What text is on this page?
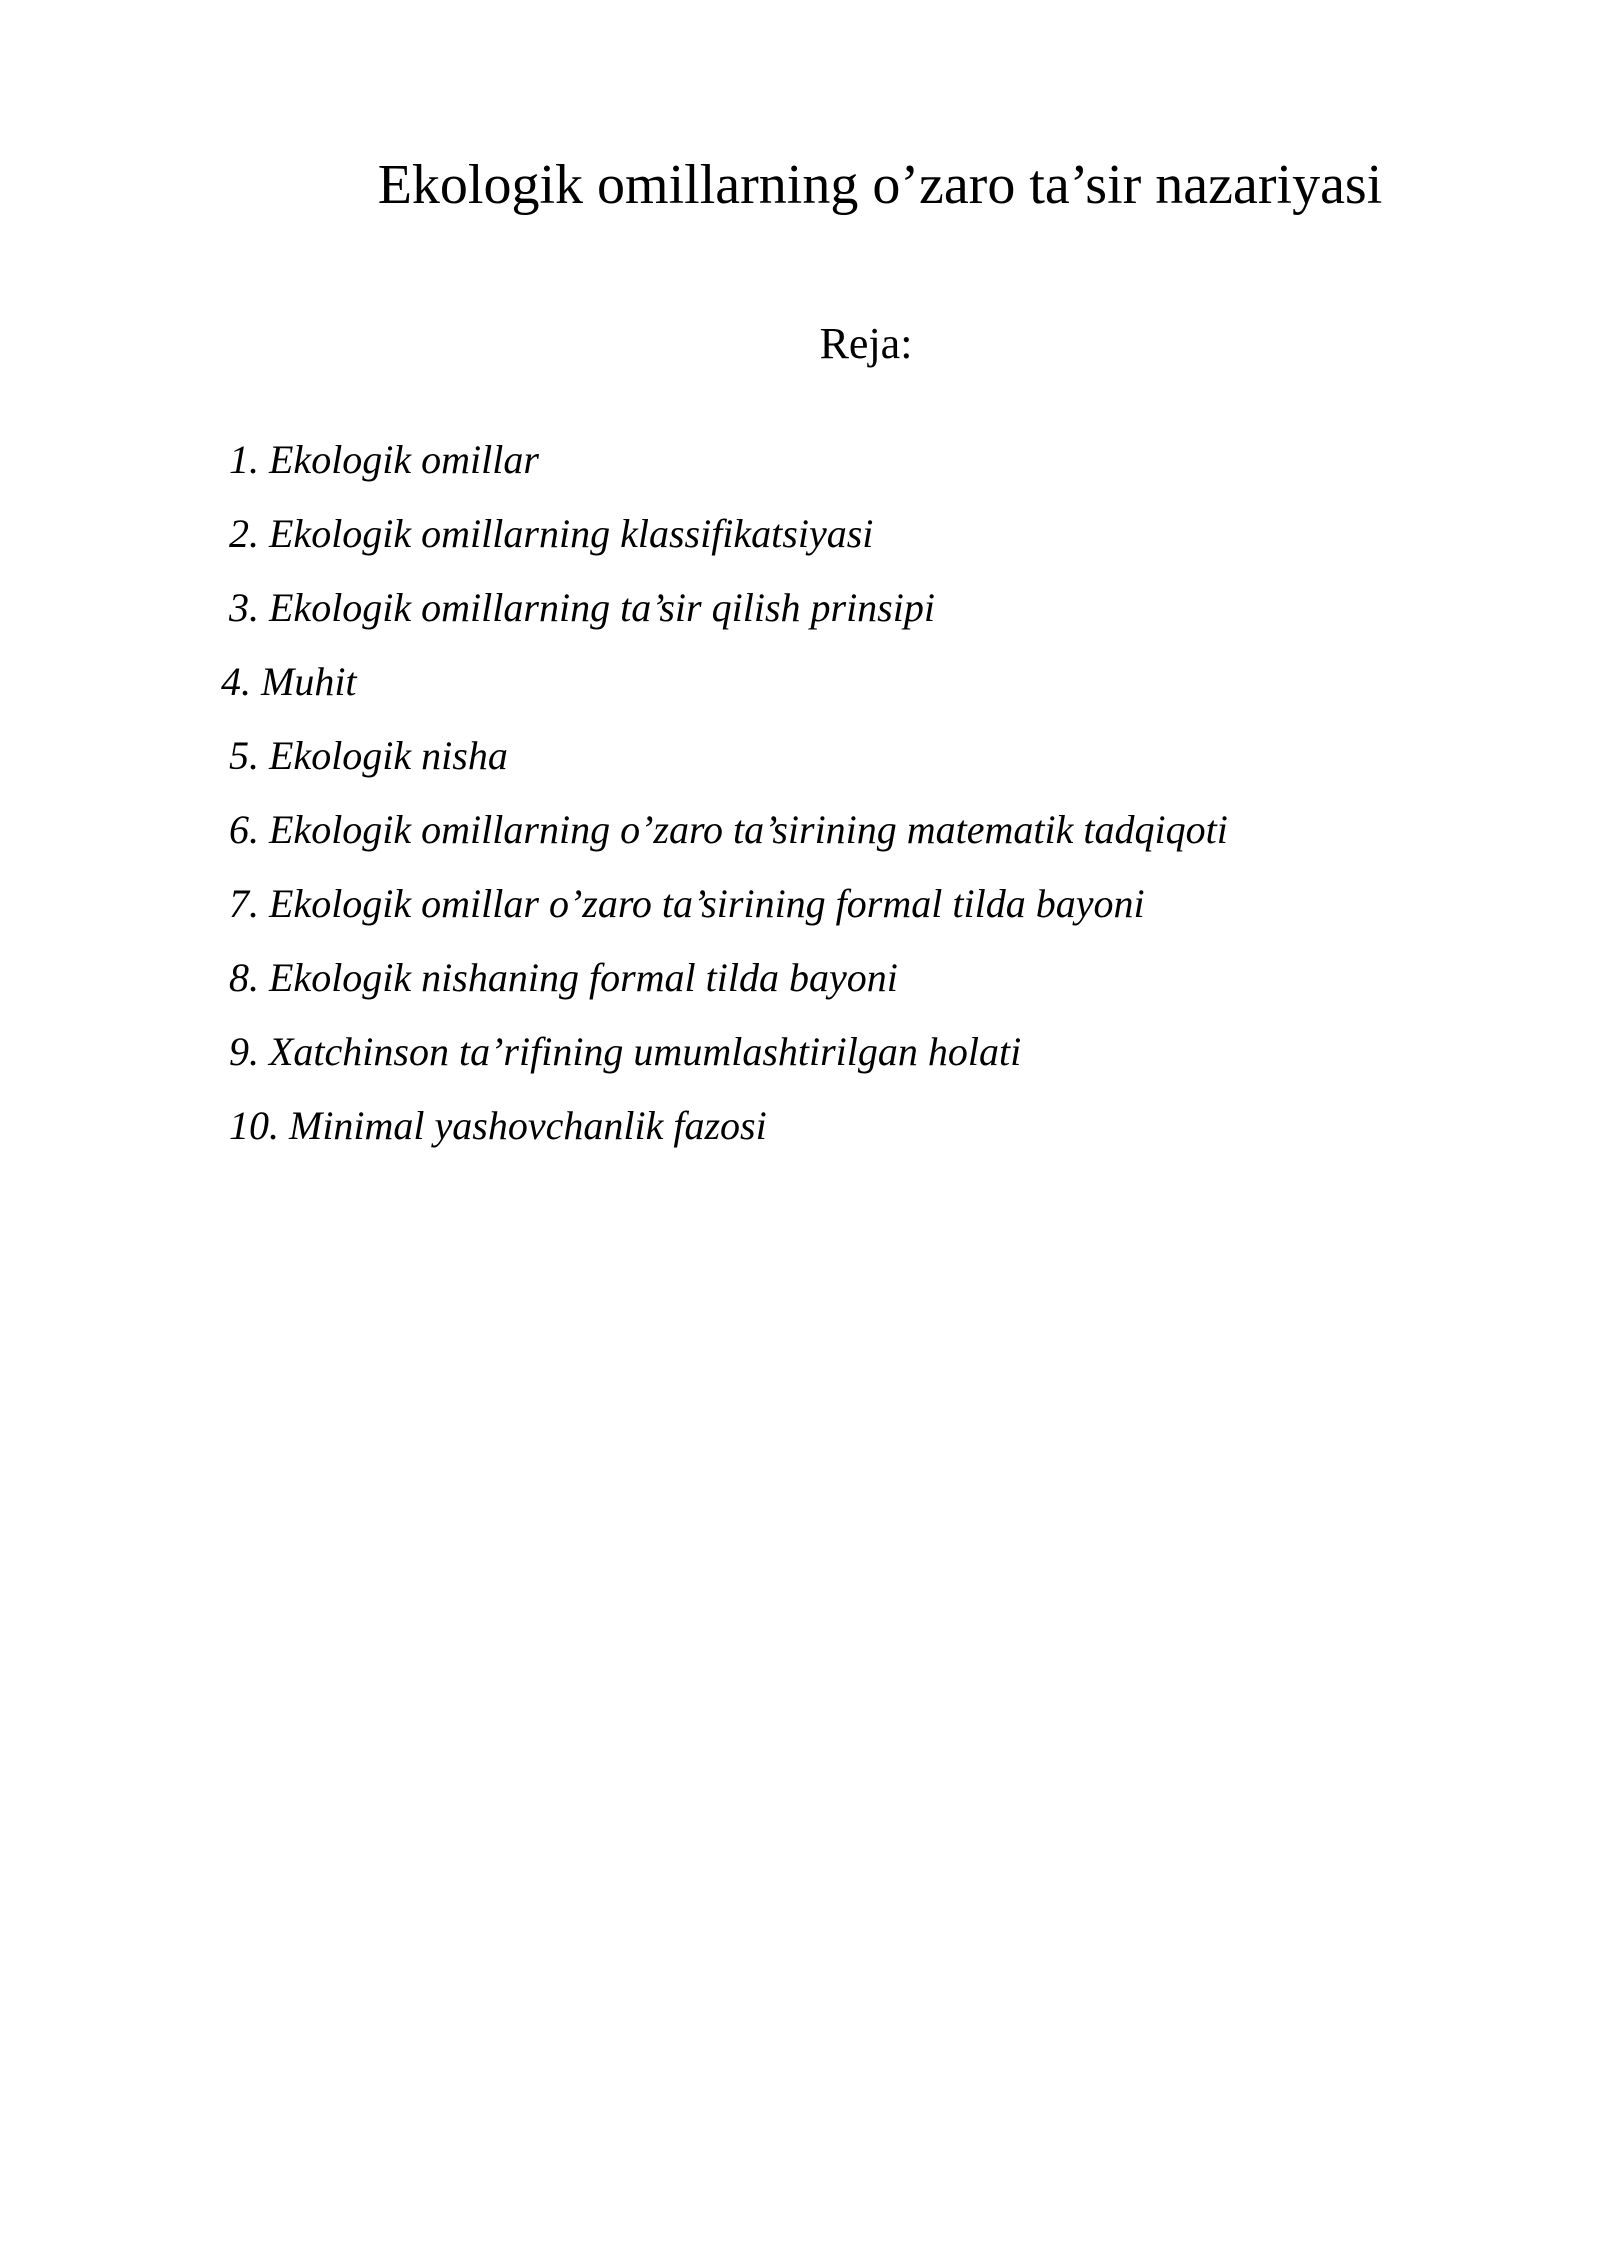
Ekologik omillarning o’zaro ta’sir nazariyasi

Reja:

1. Ekologik omillar
2. Ekologik omillarning klassifikatsiyasi
3. Ekologik omillarning ta’sir qilish prinsipi
4. Muhit
5. Ekologik nisha
6. Ekologik omillarning o’zaro ta’sirining matematik tadqiqoti
7. Ekologik omillar o’zaro ta’sirining formal tilda bayoni
8. Ekologik nishaning formal tilda bayoni
9. Xatchinson ta’rifining umumlashtirilgan holati
10. Minimal yashovchanlik fazosi
